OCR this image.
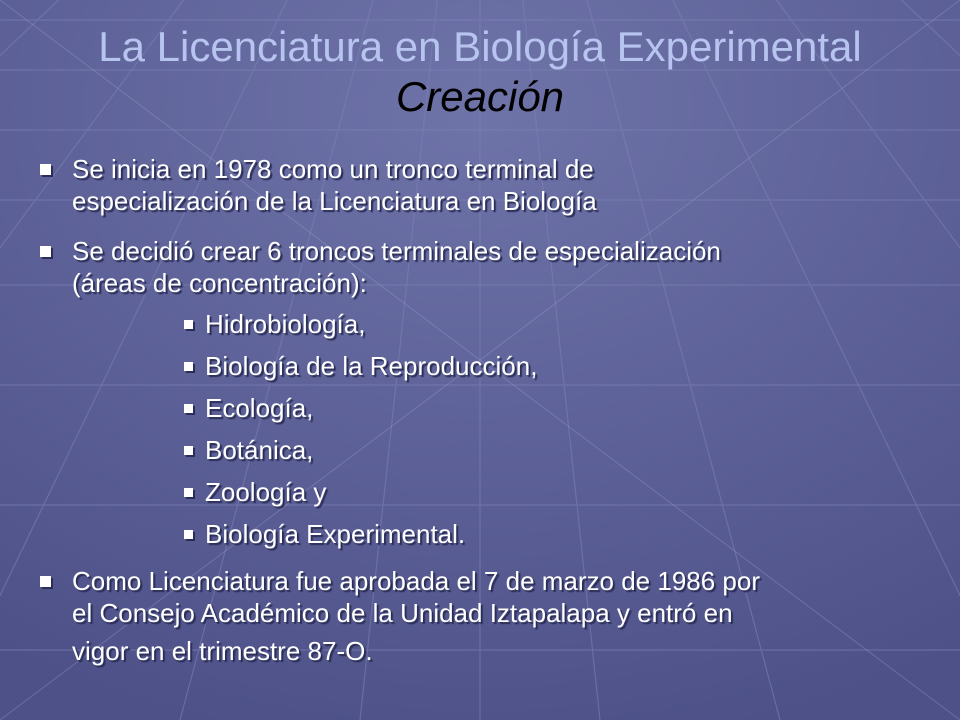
La Licenciatura en Biología Experimental
Creación
Se inicia en 1978 como un tronco terminal de
especialización de la Licenciatura en Biología
Se decidió crear 6 troncos terminales de especialización
(áreas de concentración):
Hidrobiología,
Biología de la Reproducción,
Ecología,
Botánica,
Zoología y
Biología Experimental.
Como Licenciatura fue aprobada el 7 de marzo de 1986 por
el Consejo Académico de la Unidad Iztapalapa y entró en
vigor en el trimestre 87-O.
